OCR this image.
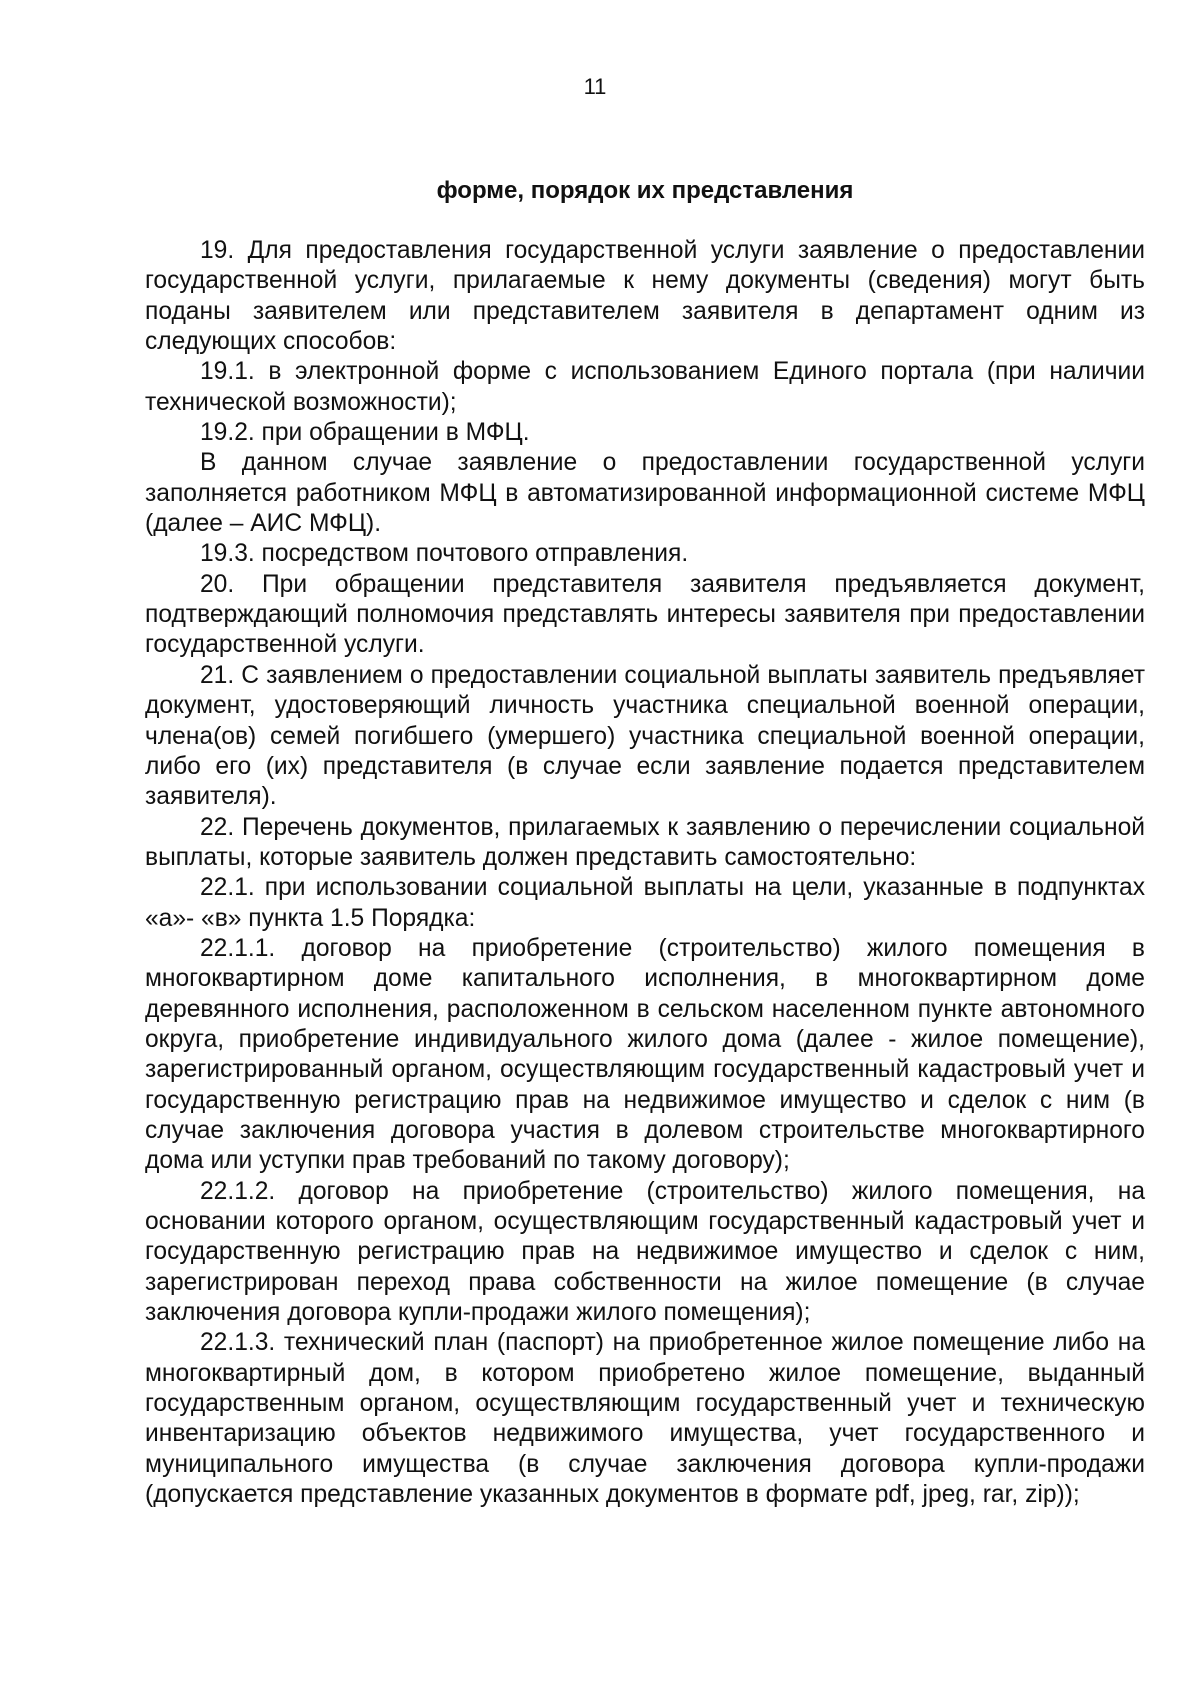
11
форме, порядок их представления

19. Для предоставления государственной услуги заявление о предоставлении государственной услуги, прилагаемые к нему документы (сведения) могут быть поданы заявителем или представителем заявителя в департамент одним из следующих способов:

19.1. в электронной форме с использованием Единого портала (при наличии технической возможности);

19.2. при обращении в МФЦ.

В данном случае заявление о предоставлении государственной услуги заполняется работником МФЦ в автоматизированной информационной системе МФЦ (далее – АИС МФЦ).

19.3. посредством почтового отправления.

20. При обращении представителя заявителя предъявляется документ, подтверждающий полномочия представлять интересы заявителя при предоставлении государственной услуги.

21. С заявлением о предоставлении социальной выплаты заявитель предъявляет документ, удостоверяющий личность участника специальной военной операции, члена(ов) семей погибшего (умершего) участника специальной военной операции, либо его (их) представителя (в случае если заявление подается представителем заявителя).

22. Перечень документов, прилагаемых к заявлению о перечислении социальной выплаты, которые заявитель должен представить самостоятельно:

22.1. при использовании социальной выплаты на цели, указанные в подпунктах «а»- «в» пункта 1.5 Порядка:

22.1.1. договор на приобретение (строительство) жилого помещения в многоквартирном доме капитального исполнения, в многоквартирном доме деревянного исполнения, расположенном в сельском населенном пункте автономного округа, приобретение индивидуального жилого дома (далее - жилое помещение), зарегистрированный органом, осуществляющим государственный кадастровый учет и государственную регистрацию прав на недвижимое имущество и сделок с ним (в случае заключения договора участия в долевом строительстве многоквартирного дома или уступки прав требований по такому договору);

22.1.2. договор на приобретение (строительство) жилого помещения, на основании которого органом, осуществляющим государственный кадастровый учет и государственную регистрацию прав на недвижимое имущество и сделок с ним, зарегистрирован переход права собственности на жилое помещение (в случае заключения договора купли-продажи жилого помещения);

22.1.3. технический план (паспорт) на приобретенное жилое помещение либо на многоквартирный дом, в котором приобретено жилое помещение, выданный государственным органом, осуществляющим государственный учет и техническую инвентаризацию объектов недвижимого имущества, учет государственного и муниципального имущества (в случае заключения договора купли-продажи (допускается представление указанных документов в формате pdf, jpeg, rar, zip));
